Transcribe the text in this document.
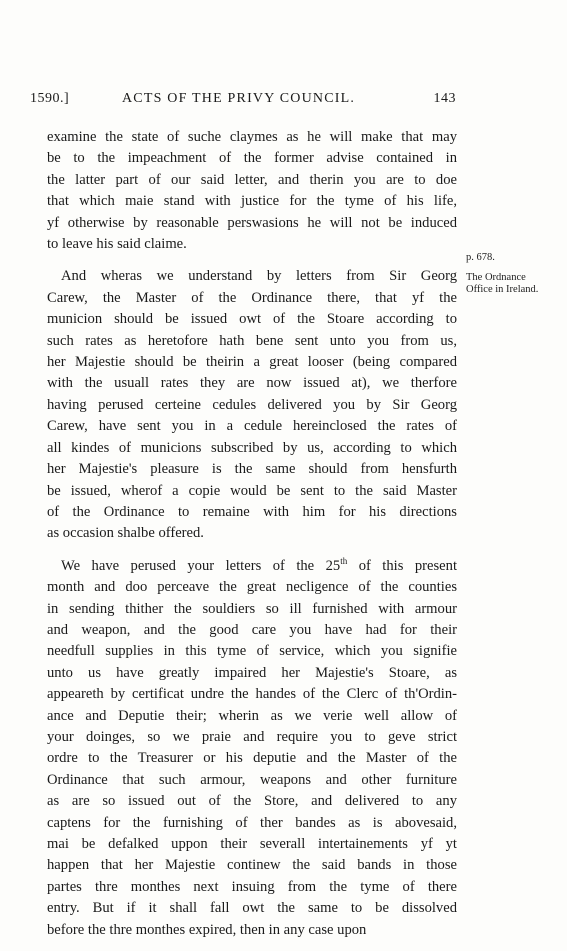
1590.]	ACTS OF THE PRIVY COUNCIL.	143
p. 678.
The Ordnance Office in Ireland.
examine the state of suche claymes as he will make that may
be to the impeachment of the former advise contained in
the latter part of our said letter, and therin you are to doe
that which maie stand with justice for the tyme of his life,
yf otherwise by reasonable perswasions he will not be induced
to leave his said claime.
And wheras we understand by letters from Sir Georg
Carew, the Master of the Ordinance there, that yf the
municion should be issued owt of the Stoare according to
such rates as heretofore hath bene sent unto you from us,
her Majestie should be theirin a great looser (being compared
with the usuall rates they are now issued at), we therfore
having perused certeine cedules delivered you by Sir Georg
Carew, have sent you in a cedule hereinclosed the rates of
all kindes of municions subscribed by us, according to which
her Majestie's pleasure is the same should from hensfurth
be issued, wherof a copie would be sent to the said Master
of the Ordinance to remaine with him for his directions
as occasion shalbe offered.
We have perused your letters of the 25th of this present
month and doo perceave the great necligence of the counties
in sending thither the souldiers so ill furnished with armour
and weapon, and the good care you have had for their
needfull supplies in this tyme of service, which you signifie
unto us have greatly impaired her Majestie's Stoare, as
appeareth by certificat undre the handes of the Clerc of th'Ordin-
ance and Deputie their; wherin as we verie well allow of
your doinges, so we praie and require you to geve strict
ordre to the Treasurer or his deputie and the Master of the
Ordinance that such armour, weapons and other furniture
as are so issued out of the Store, and delivered to any
captens for the furnishing of ther bandes as is abovesaid,
mai be defalked uppon their severall intertainements yf yt
happen that her Majestie continew the said bands in those
partes thre monthes next insuing from the tyme of there
entry. But if it shall fall owt the same to be dissolved
before the thre monthes expired, then in any case upon
